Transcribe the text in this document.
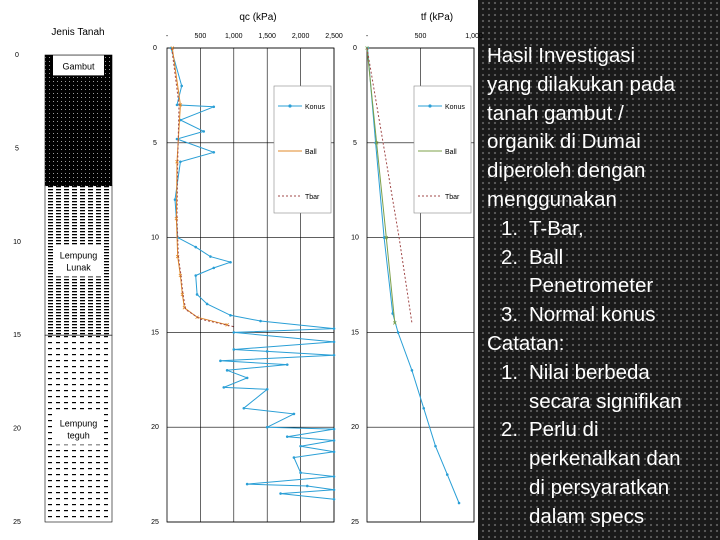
Jenis Tanah
0
5
10
15
20
25
Gambut
Lempung
Lunak
Lempung
teguh
0
5
10
15
20
25
-	500	1,000 1,500 2,000 2,500
qc (kPa)
Konus
Ball
Tbar
0
5
10
15
20
25
-	500	1,000
tf (kPa)
Konus
Ball
Tbar
Hasil Investigasi
yang dilakukan pada
tanah gambut /
organik di Dumai
diperoleh dengan
menggunakan
1. T-Bar,
2. Ball
Penetrometer
3. Normal konus
Catatan:
1. Nilai berbeda
secara signifikan
2. Perlu di
perkenalkan dan
di persyaratkan
dalam specs
